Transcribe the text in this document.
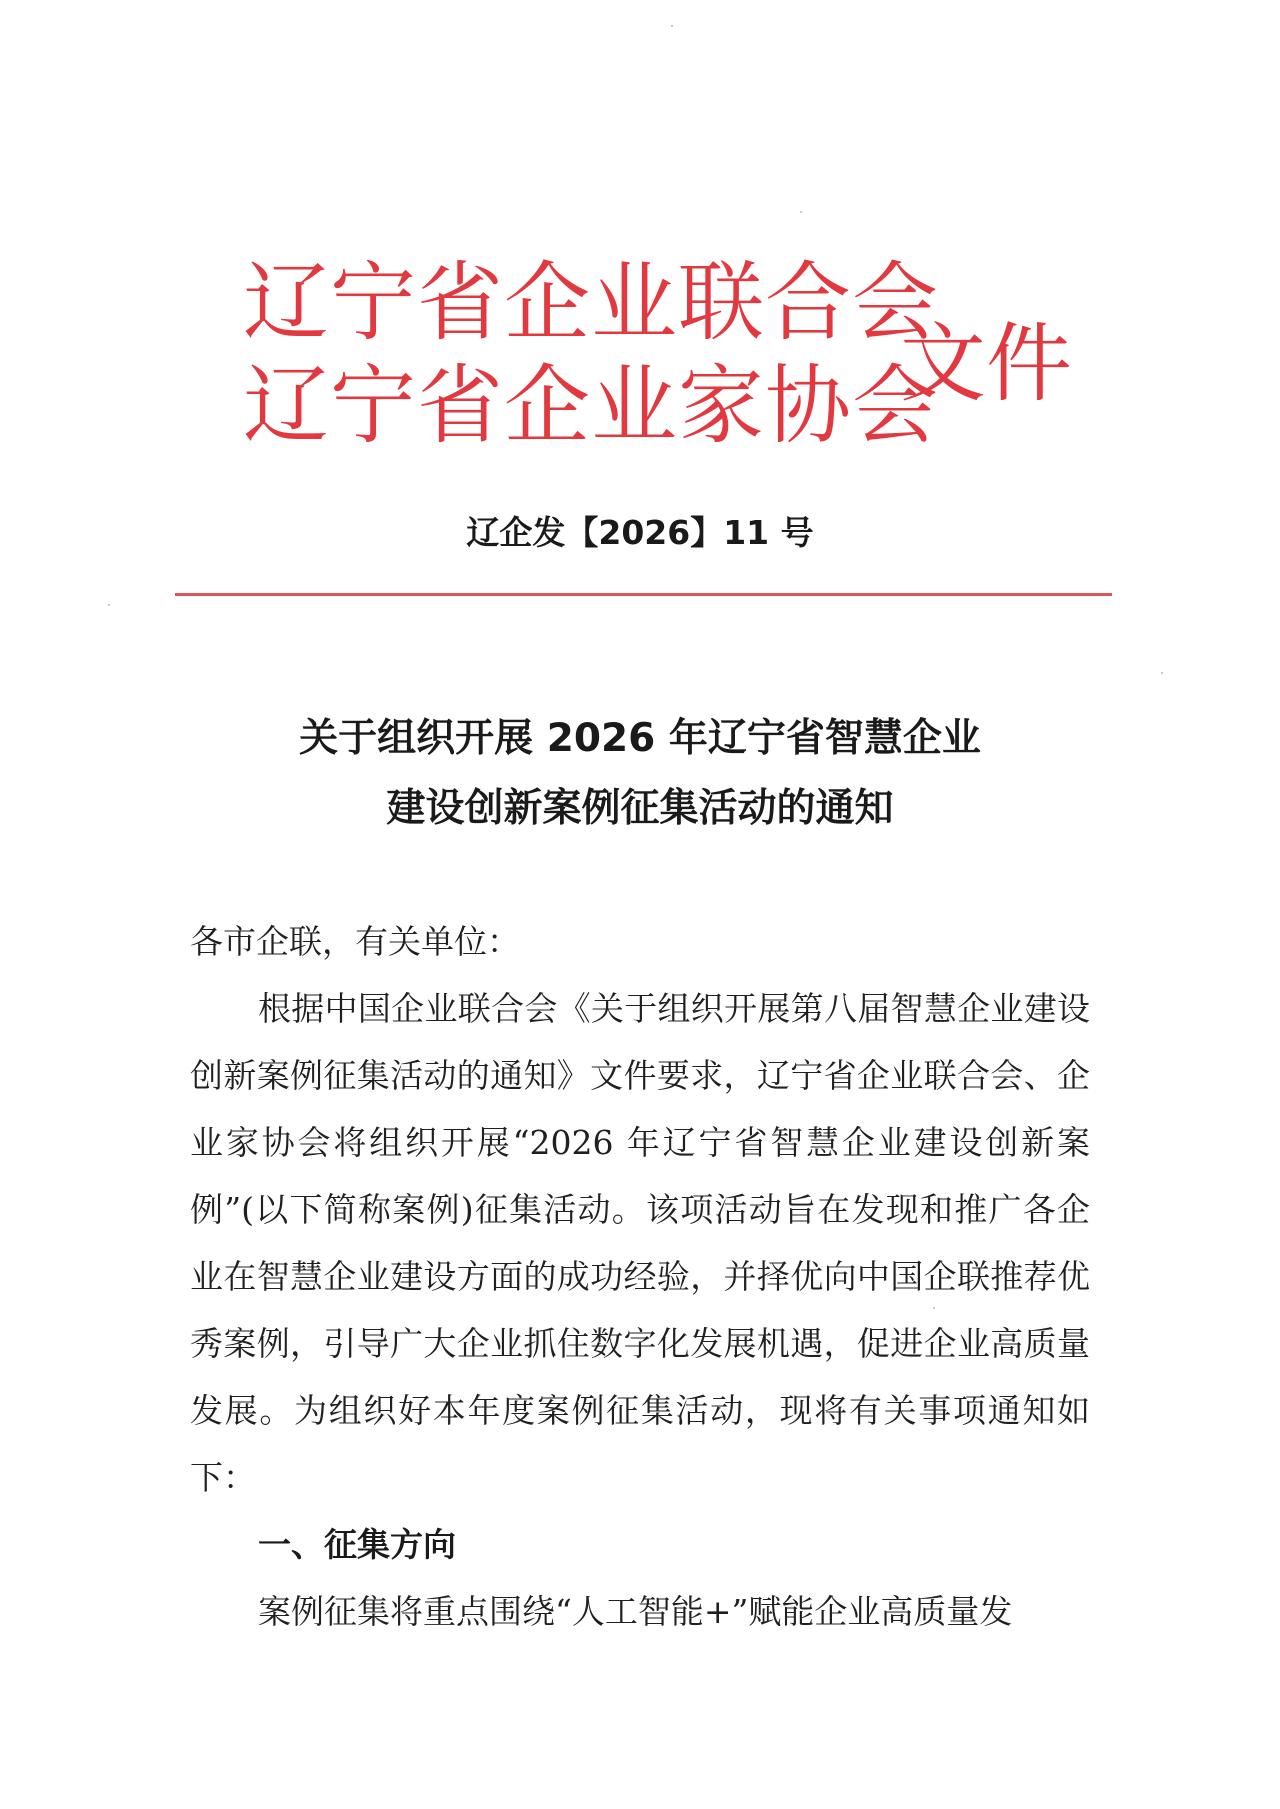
辽宁省企业联合会
辽宁省企业家协会
文件
辽企发【2026】11 号
关于组织开展 2026 年辽宁省智慧企业
建设创新案例征集活动的通知

各市企联，有关单位：

根据中国企业联合会《关于组织开展第八届智慧企业建设创新案例征集活动的通知》文件要求，辽宁省企业联合会、企业家协会将组织开展“2026 年辽宁省智慧企业建设创新案例”(以下简称案例)征集活动。该项活动旨在发现和推广各企业在智慧企业建设方面的成功经验，并择优向中国企联推荐优秀案例，引导广大企业抓住数字化发展机遇，促进企业高质量发展。为组织好本年度案例征集活动，现将有关事项通知如下：

一、征集方向

案例征集将重点围绕“人工智能+”赋能企业高质量发
